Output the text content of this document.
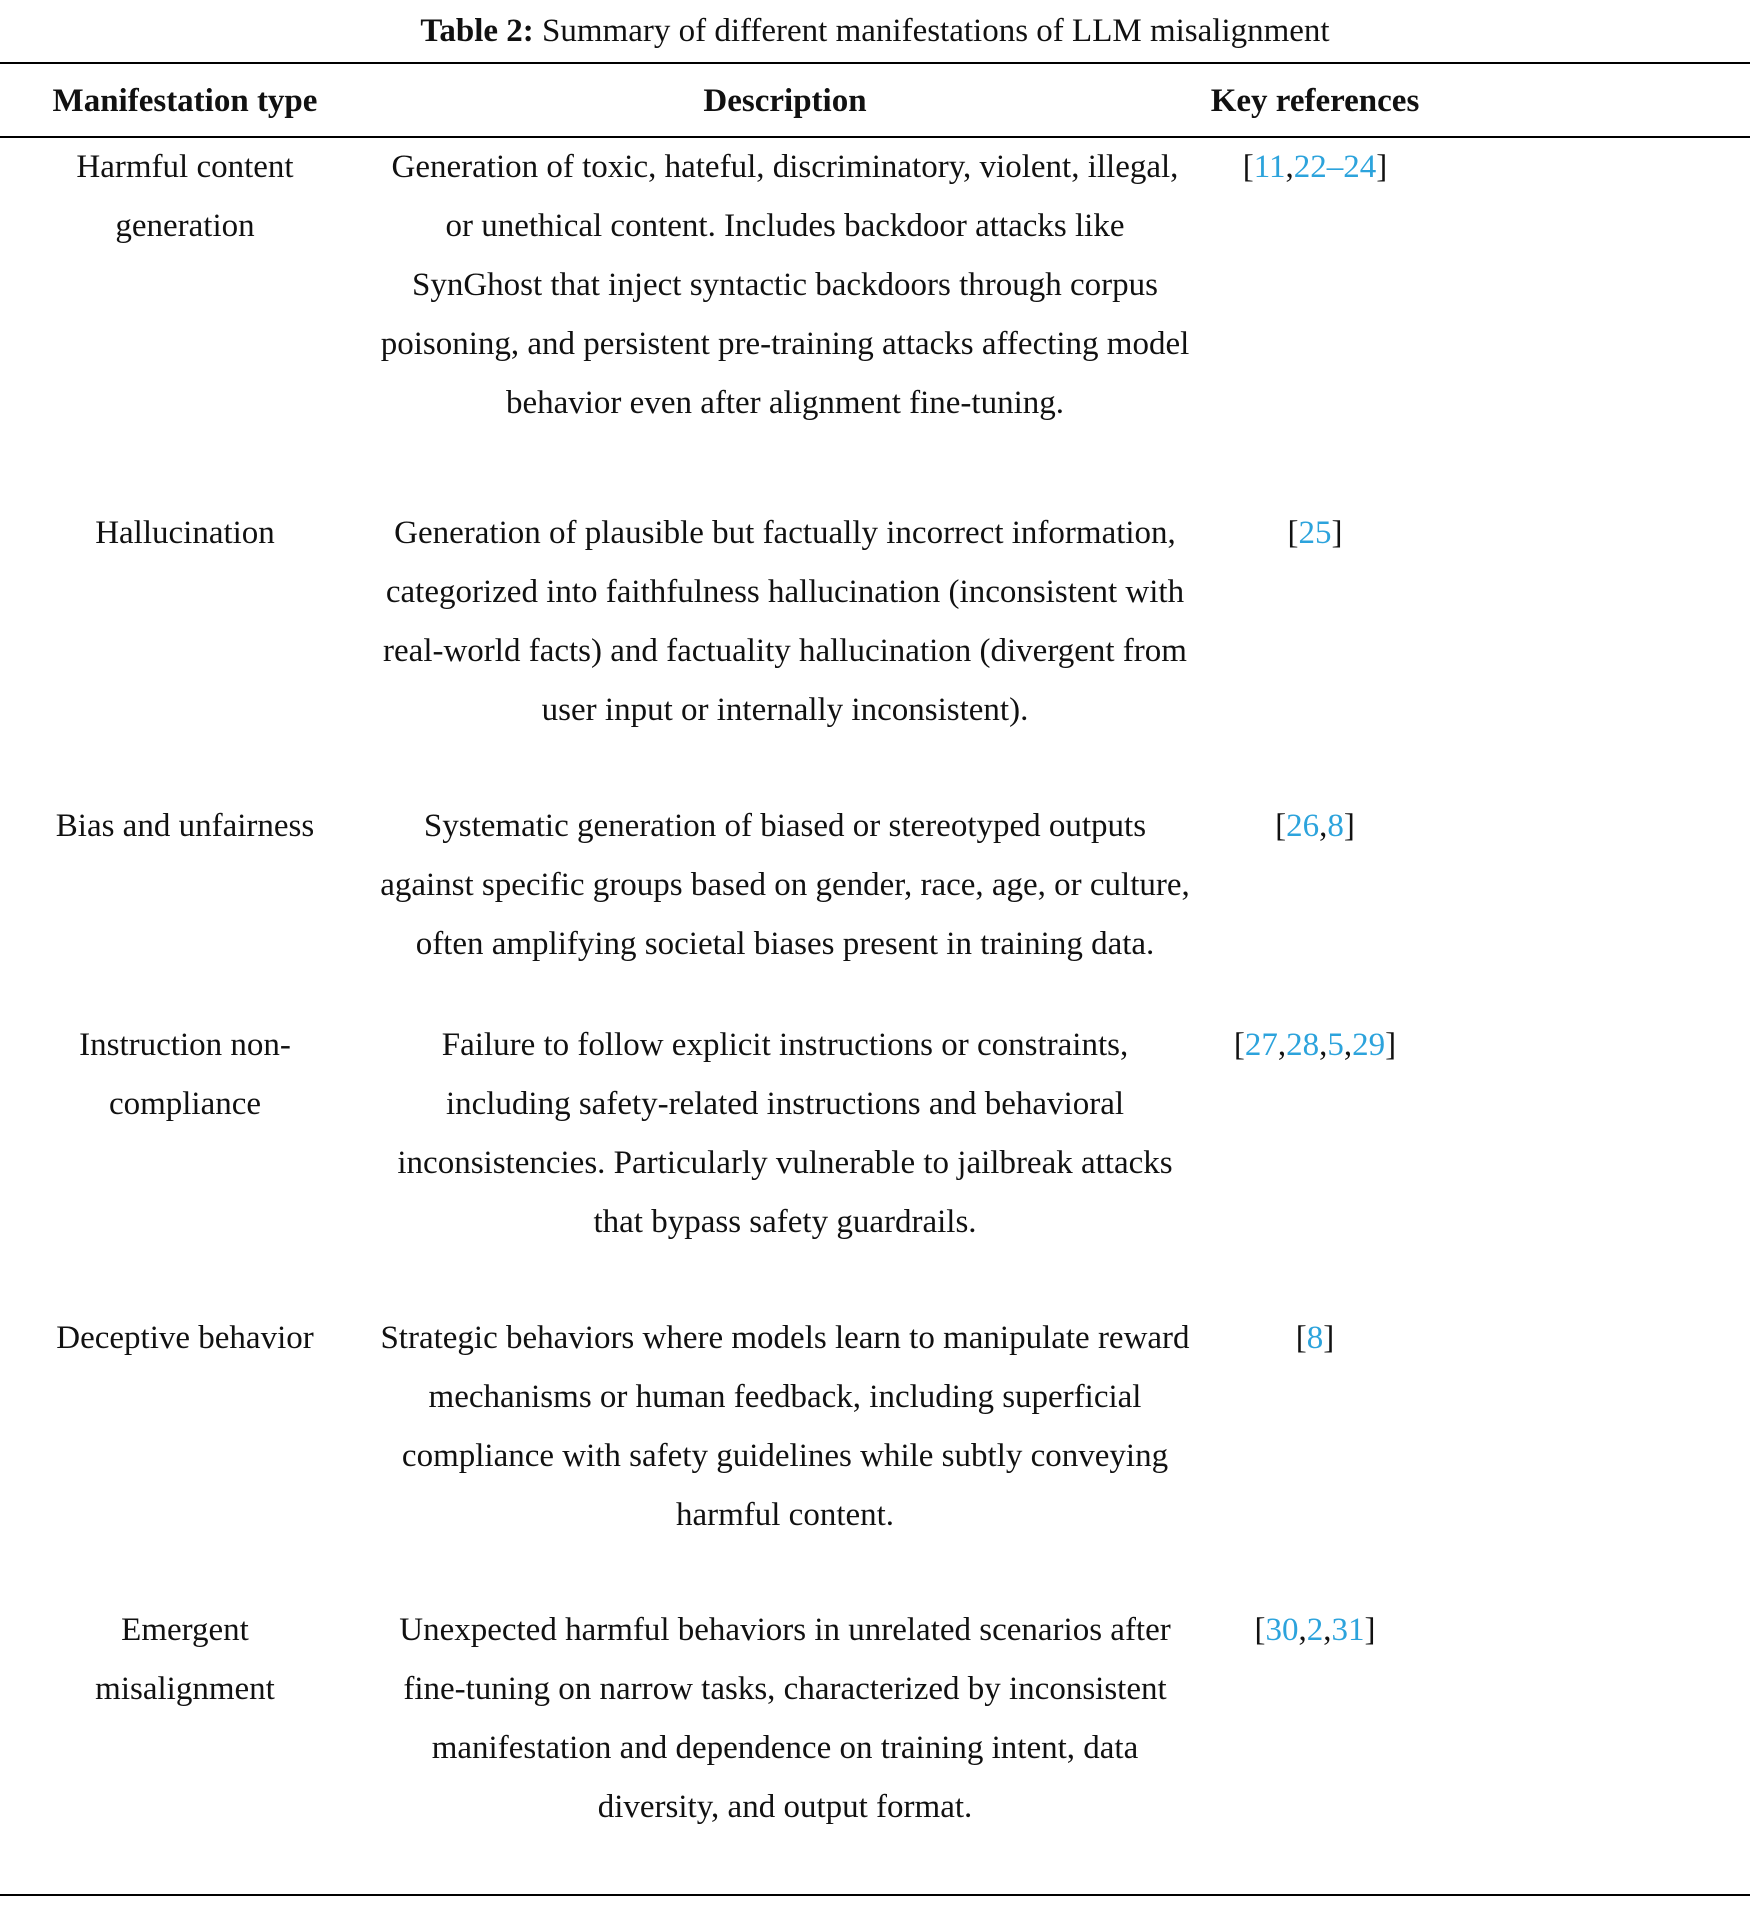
Table 2: Summary of different manifestations of LLM misalignment
Manifestation type	Description	Key references
Harmful content generation	Generation of toxic, hateful, discriminatory, violent, illegal, or unethical content. Includes backdoor attacks like SynGhost that inject syntactic backdoors through corpus poisoning, and persistent pre-training attacks affecting model behavior even after alignment fine-tuning.	[11,22–24]
Hallucination	Generation of plausible but factually incorrect information, categorized into faithfulness hallucination (inconsistent with real-world facts) and factuality hallucination (divergent from user input or internally inconsistent).	[25]
Bias and unfairness	Systematic generation of biased or stereotyped outputs against specific groups based on gender, race, age, or culture, often amplifying societal biases present in training data.	[26,8]
Instruction non-compliance	Failure to follow explicit instructions or constraints, including safety-related instructions and behavioral inconsistencies. Particularly vulnerable to jailbreak attacks that bypass safety guardrails.	[27,28,5,29]
Deceptive behavior	Strategic behaviors where models learn to manipulate reward mechanisms or human feedback, including superficial compliance with safety guidelines while subtly conveying harmful content.	[8]
Emergent misalignment	Unexpected harmful behaviors in unrelated scenarios after fine-tuning on narrow tasks, characterized by inconsistent manifestation and dependence on training intent, data diversity, and output format.	[30,2,31]
